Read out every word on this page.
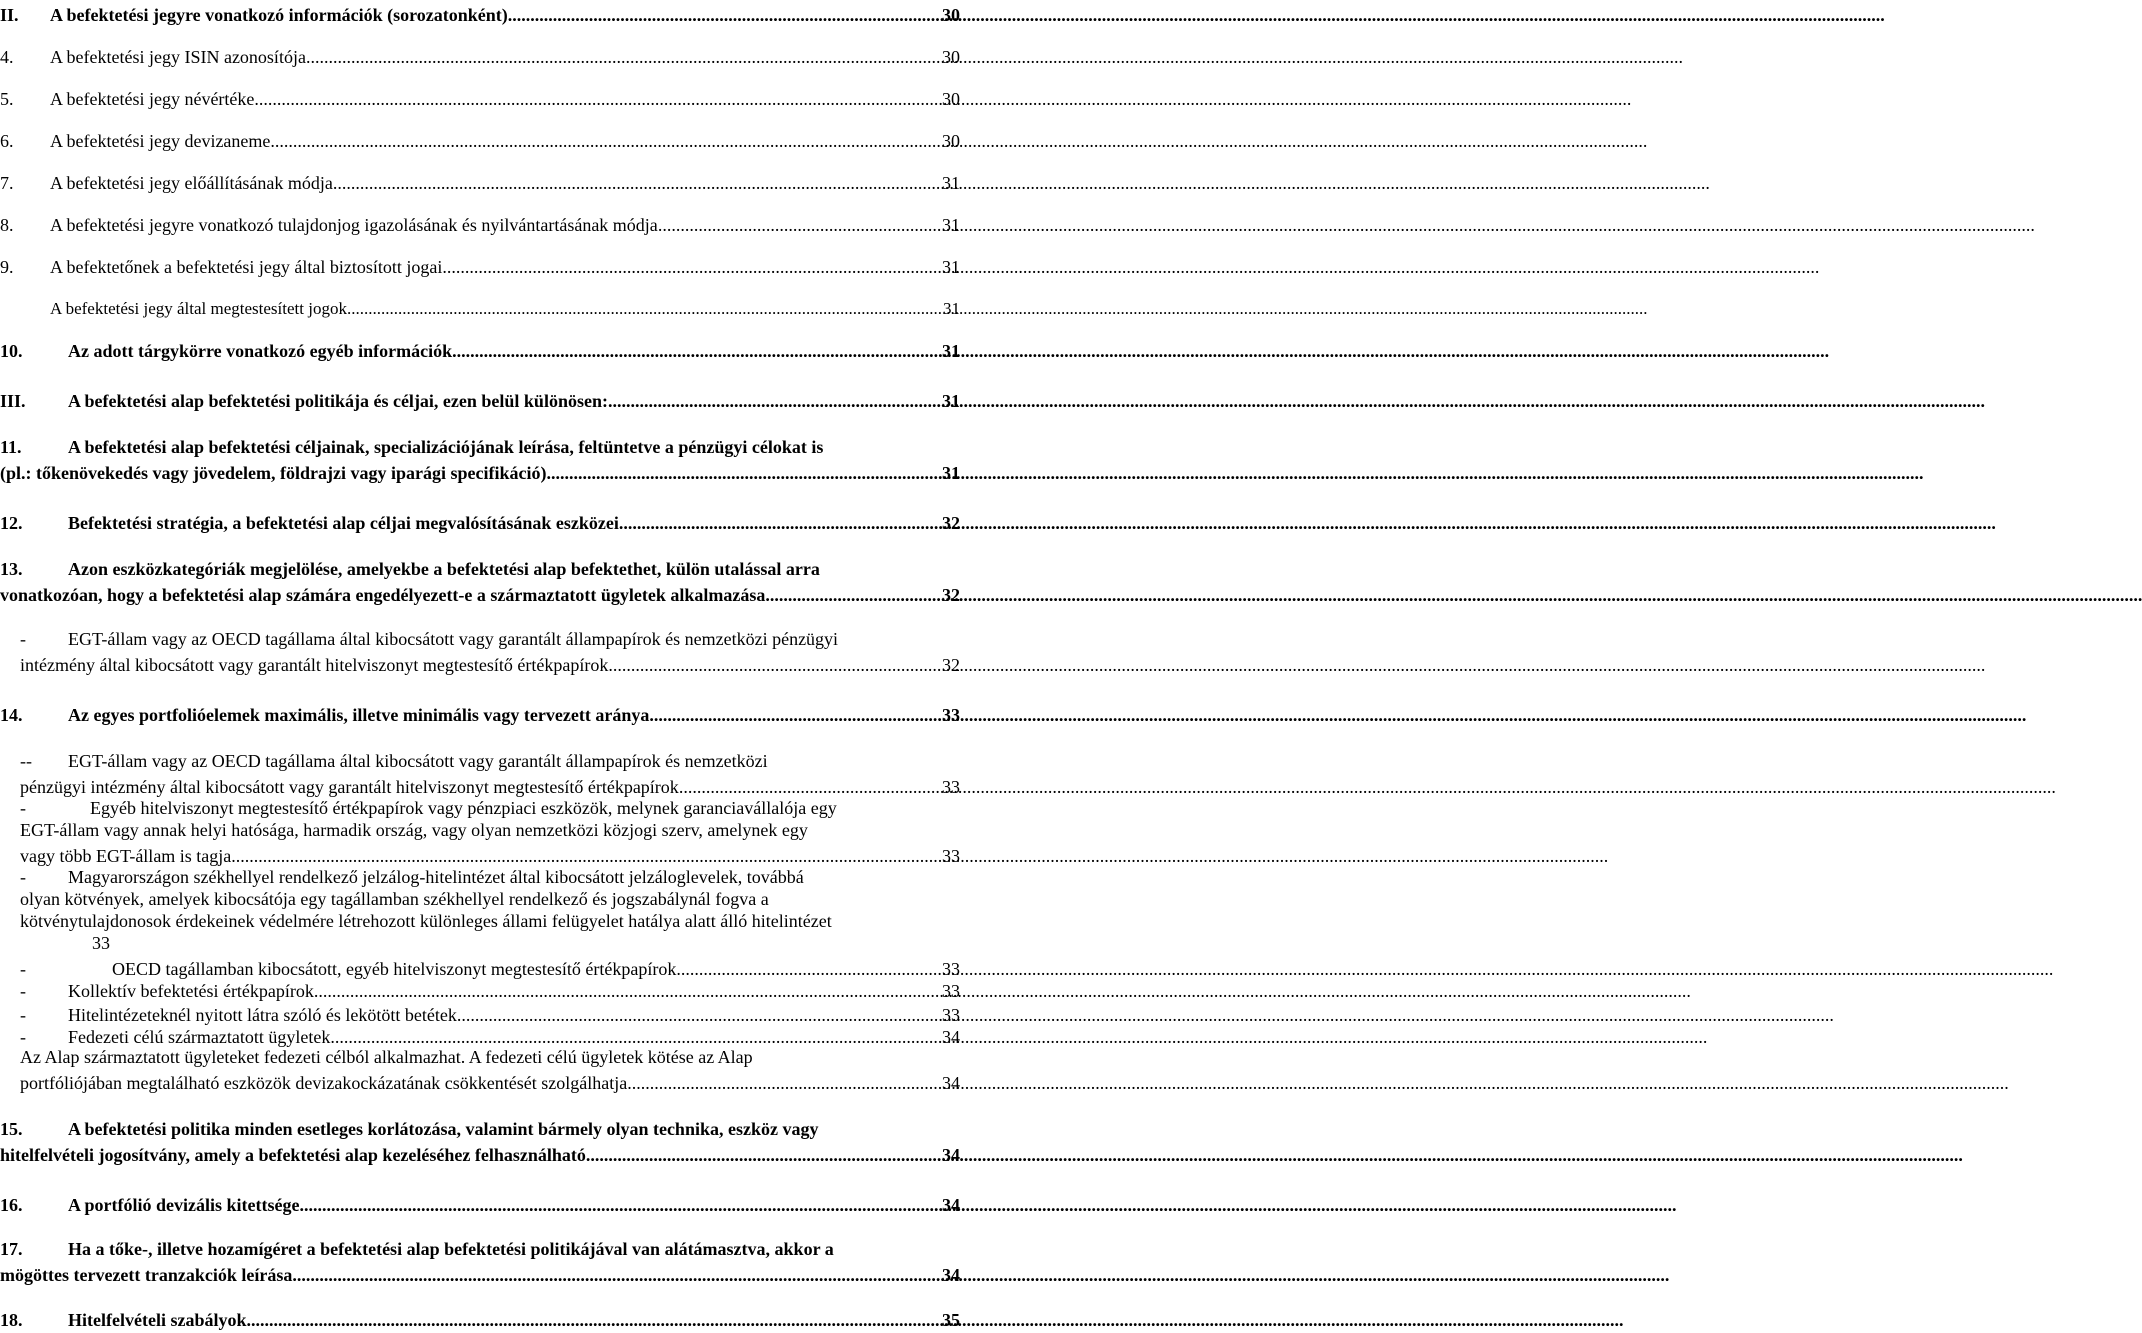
II.	A befektetési jegyre vonatkozó információk (sorozatonként) .....	30
4.	A befektetési jegy ISIN azonosítója .....	30
5.	A befektetési jegy névértéke .....	30
6.	A befektetési jegy devizaneme .....	30
7.	A befektetési jegy előállításának módja .....	31
8.	A befektetési jegyre vonatkozó tulajdonjog igazolásának és nyilvántartásának módja .....	31
9.	A befektetőnek a befektetési jegy által biztosított jogai .....	31
A befektetési jegy által megtestesített jogok .....	31
10.	Az adott tárgykörre vonatkozó egyéb információk .....	31
III.	A befektetési alap befektetési politikája és céljai, ezen belül különösen: .....	31
11.	A befektetési alap befektetési céljainak, specializációjának leírása, feltüntetve a pénzügyi célokat is
(pl.: tőkenövekedés vagy jövedelem, földrajzi vagy iparági specifikáció) .....	31
12.	Befektetési stratégia, a befektetési alap céljai megvalósításának eszközei .....	32
13.	Azon eszközkategóriák megjelölése, amelyekbe a befektetési alap befektethet, külön utalással arra
vonatkozóan, hogy a befektetési alap számára engedélyezett-e a származtatott ügyletek alkalmazása .....	32
- EGT-állam vagy az OECD tagállama által kibocsátott vagy garantált állampapírok és nemzetközi pénzügyi
intézmény által kibocsátott vagy garantált hitelviszonyt megtestesítő értékpapírok .....	32
14.	Az egyes portfolióelemek maximális, illetve minimális vagy tervezett aránya .....	33
-- EGT-állam vagy az OECD tagállama által kibocsátott vagy garantált állampapírok és nemzetközi
pénzügyi intézmény által kibocsátott vagy garantált hitelviszonyt megtestesítő értékpapírok .....	33
-	Egyéb hitelviszonyt megtestesítő értékpapírok vagy pénzpiaci eszközök, melynek garanciavállalója egy
EGT-állam vagy annak helyi hatósága, harmadik ország, vagy olyan nemzetközi közjogi szerv, amelynek egy
vagy több EGT-állam is tagja .....	33
- Magyarországon székhellyel rendelkező jelzálog-hitelintézet által kibocsátott jelzáloglevelek, továbbá
olyan kötvények, amelyek kibocsátója egy tagállamban székhellyel rendelkező és jogszabálynál fogva a
kötvénytulajdonosok érdekeinek védelmére létrehozott különleges állami felügyelet hatálya alatt álló hitelintézet
33
-	OECD tagállamban kibocsátott, egyéb hitelviszonyt megtestesítő értékpapírok .....	33
-	Kollektív befektetési értékpapírok .....	33
-	Hitelintézeteknél nyitott látra szóló és lekötött betétek .....	33
-	Fedezeti célú származtatott ügyletek .....	34
Az Alap származtatott ügyleteket fedezeti célból alkalmazhat. A fedezeti célú ügyletek kötése az Alap
portfóliójában megtalálható eszközök devizakockázatának csökkentését szolgálhatja. .....	34
15.	A befektetési politika minden esetleges korlátozása, valamint bármely olyan technika, eszköz vagy
hitelfelvételi jogosítvány, amely a befektetési alap kezeléséhez felhasználható .....	34
16.	A portfólió devizális kitettsége .....	34
17.	Ha a tőke-, illetve hozamígéret a befektetési alap befektetési politikájával van alátámasztva, akkor a
mögöttes tervezett tranzakciók leírása .....	34
18.	Hitelfelvételi szabályok .....	35
